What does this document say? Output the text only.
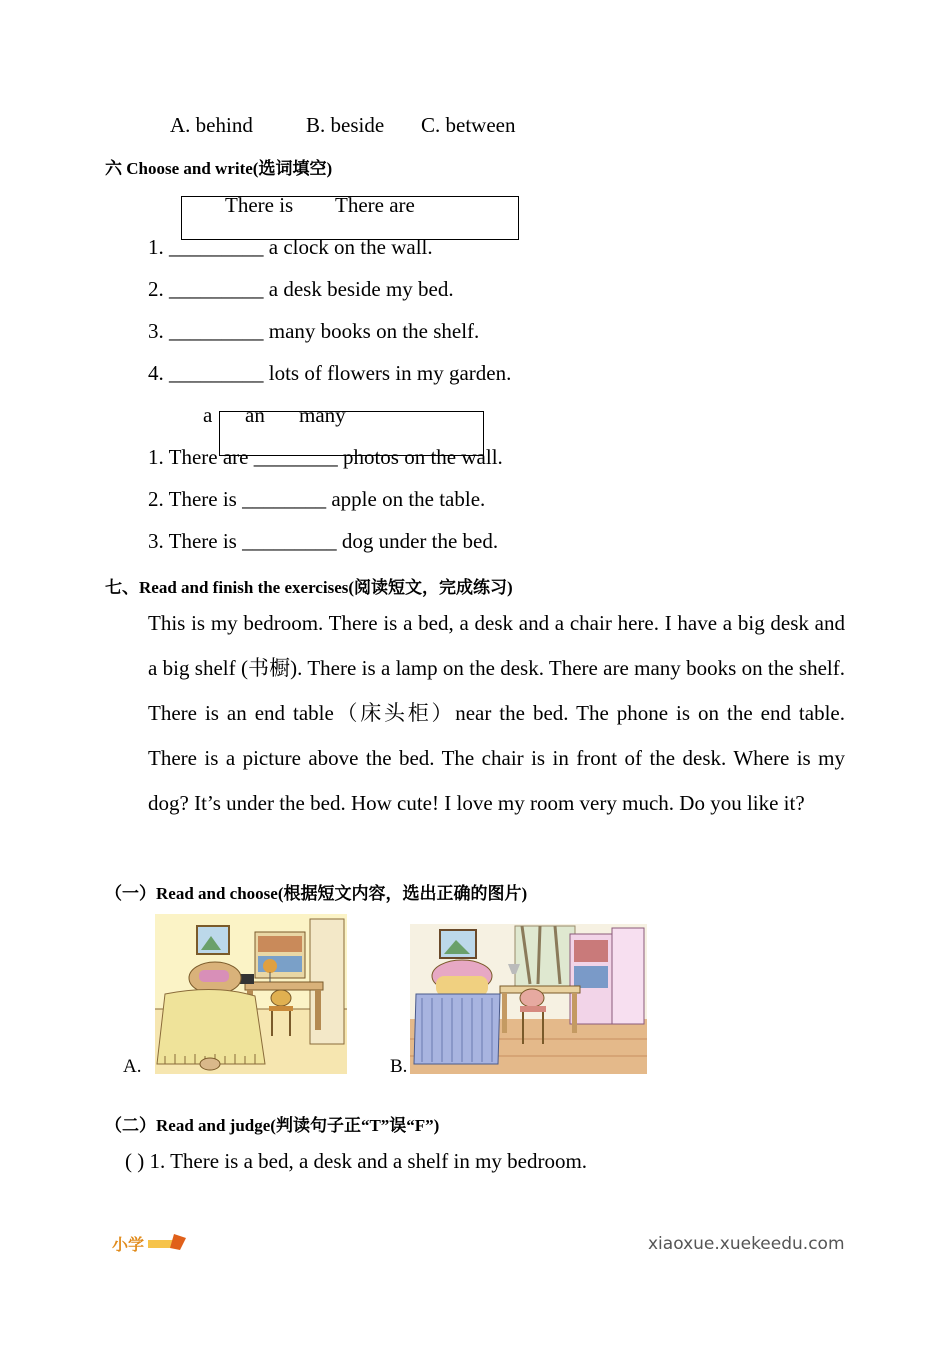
A. behind	B. beside C. between
六 Choose and write(选词填空)
There is There are
1. _________ a clock on the wall.
2. _________ a desk beside my bed.
3. _________ many books on the shelf.
4. _________ lots of flowers in my garden.
a an many
1. There are ________ photos on the wall.
2. There is ________ apple on the table.
3. There is _________ dog under the bed.
七、Read and finish the exercises(阅读短文，完成练习)
This is my bedroom. There is a bed, a desk and a chair here. I have a big desk and a big shelf (书橱). There is a lamp on the desk. There are many books on the shelf. There is an end table（床头柜）near the bed. The phone is on the end table. There is a picture above the bed. The chair is in front of the desk. Where is my dog? It’s under the bed. How cute! I love my room very much. Do you like it?
（一）Read and choose(根据短文内容，选出正确的图片)
A.	B.
（二）Read and judge(判读句子正“T”误“F”)
( ) 1. There is a bed, a desk and a shelf in my bedroom.
小学	xiaoxue.xuekeedu.com
